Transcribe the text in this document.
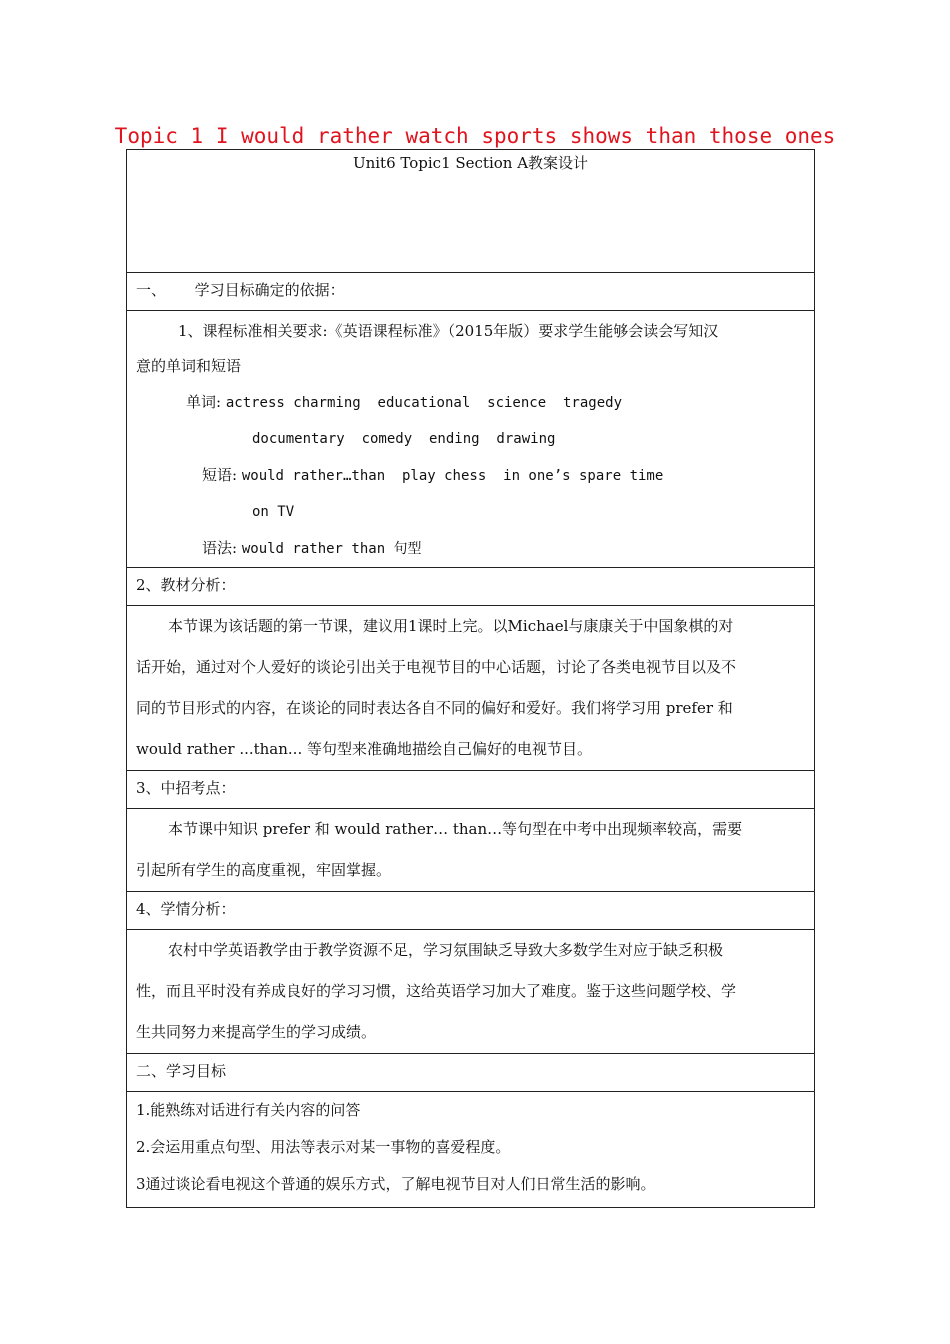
Topic 1 I would rather watch sports shows than those ones
Unit6 Topic1 Section A教案设计
一、      学习目标确定的依据：

1、课程标准相关要求:《英语课程标准》（2015年版）要求学生能够会读会写知汉
意的单词和短语
单词: actress charming  educational  science  tragedy
documentary  comedy  ending  drawing
短语: would rather…than  play chess  in one’s spare time
on TV
语法: would rather than 句型

2、教材分析：

本节课为该话题的第一节课，建议用1课时上完。以Michael与康康关于中国象棋的对
话开始，通过对个人爱好的谈论引出关于电视节目的中心话题，讨论了各类电视节目以及不
同的节目形式的内容，在谈论的同时表达各自不同的偏好和爱好。我们将学习用 prefer 和
would rather ...than... 等句型来准确地描绘自己偏好的电视节目。

3、中招考点：

本节课中知识 prefer 和 would rather… than…等句型在中考中出现频率较高，需要
引起所有学生的高度重视，牢固掌握。

4、学情分析：

农村中学英语教学由于教学资源不足，学习氛围缺乏导致大多数学生对应于缺乏积极
性，而且平时没有养成良好的学习习惯，这给英语学习加大了难度。鉴于这些问题学校、学
生共同努力来提高学生的学习成绩。

二、学习目标

1.能熟练对话进行有关内容的问答
2.会运用重点句型、用法等表示对某一事物的喜爱程度。
3通过谈论看电视这个普通的娱乐方式，了解电视节目对人们日常生活的影响。
